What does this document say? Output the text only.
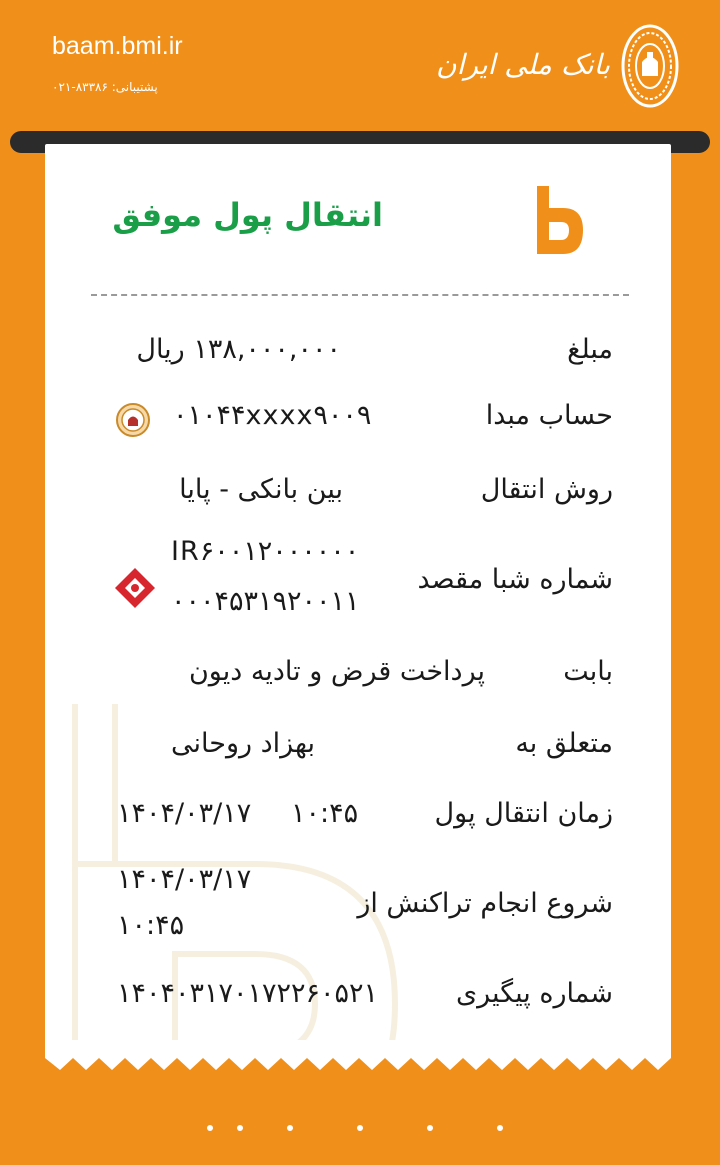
baam.bmi.ir
پشتیبانی: ۸۳۳۸۶-۰۲۱
بانک ملی ایران
انتقال پول موفق
مبلغ
۱۳۸,۰۰۰,۰۰۰ ریال
حساب مبدا
۰۱۰۴۴xxxx۹۰۰۹
روش انتقال
بین بانکی - پایا
شماره شبا مقصد
IR۶۰۰۱۲۰۰۰۰۰۰
۰۰۰۴۵۳۱۹۲۰۰۱۱
بابت
پرداخت قرض و تادیه دیون
متعلق به
بهزاد روحانی
زمان انتقال پول
۱۰:۴۵
۱۴۰۴/۰۳/۱۷
شروع انجام تراکنش از
۱۴۰۴/۰۳/۱۷
۱۰:۴۵
شماره پیگیری
۱۴۰۴۰۳۱۷۰۱۷۲۲۶۰۵۲۱
